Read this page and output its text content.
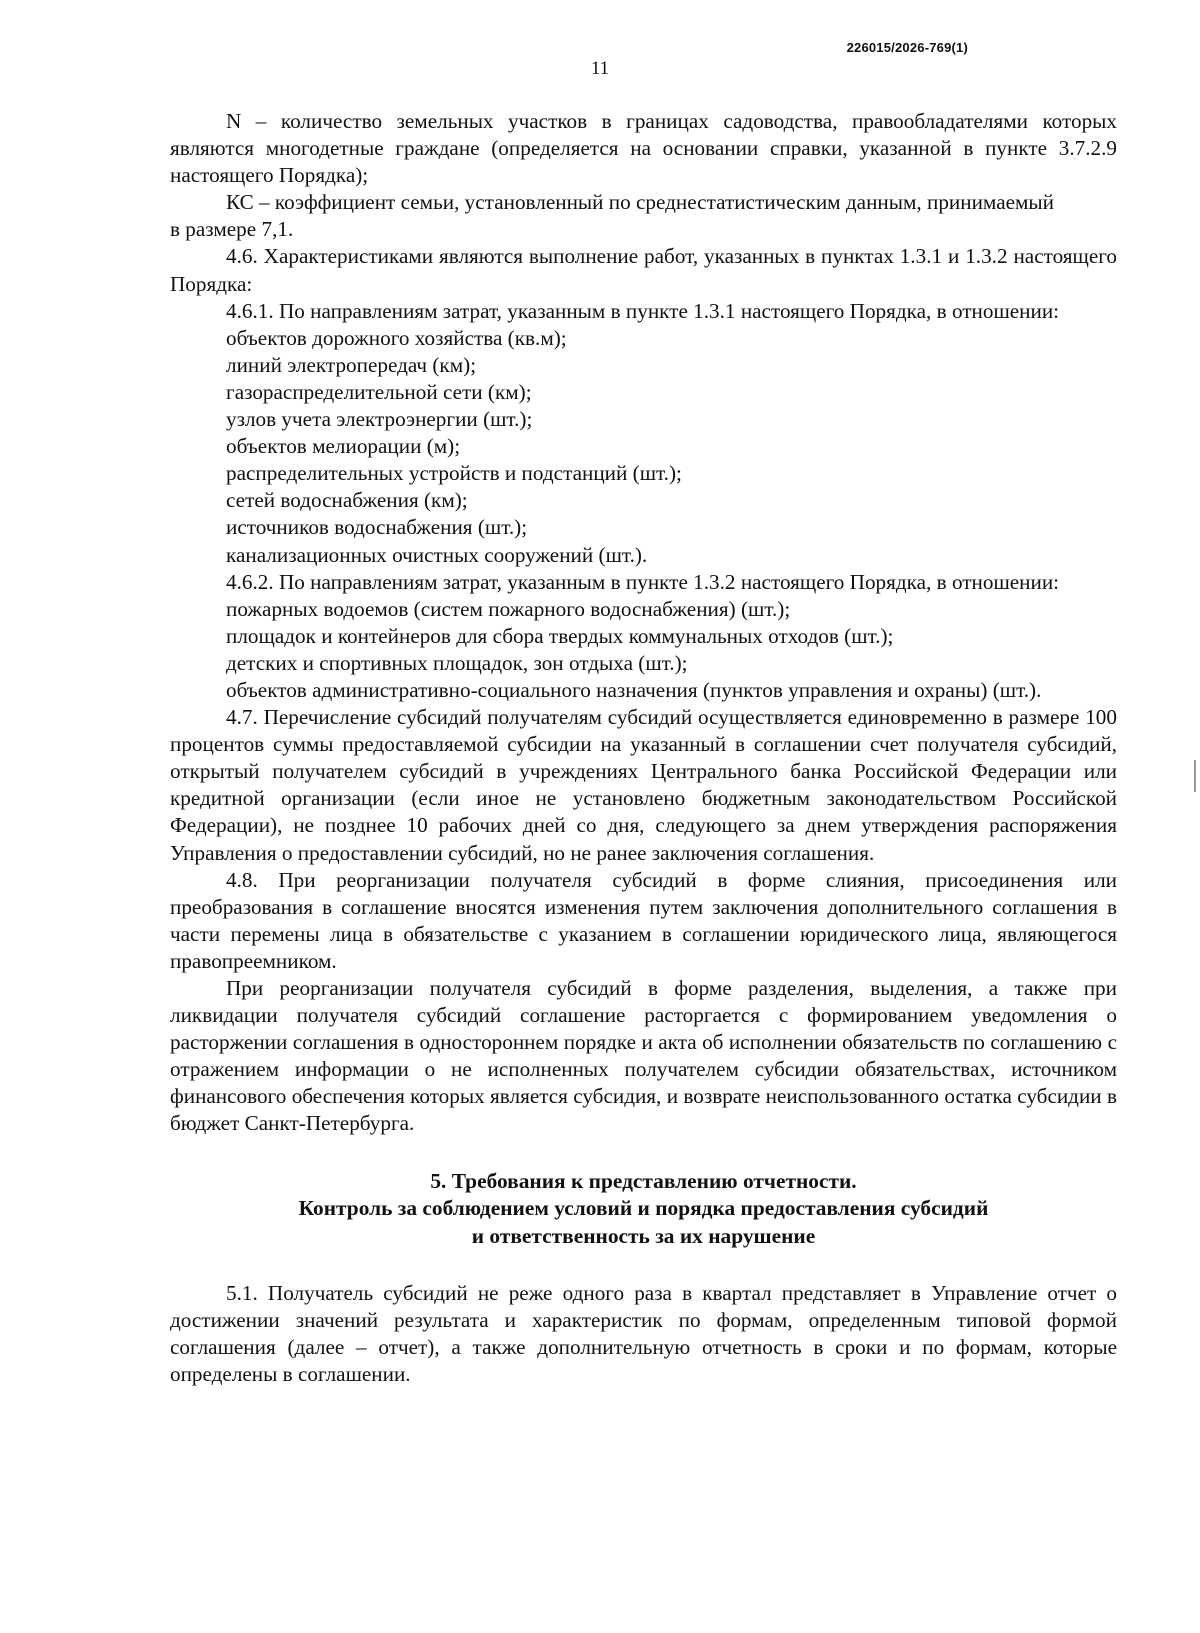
226015/2026-769(1)
11

N – количество земельных участков в границах садоводства, правообладателями которых являются многодетные граждане (определяется на основании справки, указанной в пункте 3.7.2.9 настоящего Порядка);

КС – коэффициент семьи, установленный по среднестатистическим данным, принимаемый

в размере 7,1.

4.6. Характеристиками являются выполнение работ, указанных в пунктах 1.3.1 и 1.3.2 настоящего Порядка:

4.6.1. По направлениям затрат, указанным в пункте 1.3.1 настоящего Порядка, в отношении:

объектов дорожного хозяйства (кв.м);

линий электропередач (км);

газораспределительной сети (км);

узлов учета электроэнергии (шт.);

объектов мелиорации (м);

распределительных устройств и подстанций (шт.);

сетей водоснабжения (км);

источников водоснабжения (шт.);

канализационных очистных сооружений (шт.).

4.6.2. По направлениям затрат, указанным в пункте 1.3.2 настоящего Порядка, в отношении:

пожарных водоемов (систем пожарного водоснабжения) (шт.);

площадок и контейнеров для сбора твердых коммунальных отходов (шт.);

детских и спортивных площадок, зон отдыха (шт.);

объектов административно-социального назначения (пунктов управления и охраны) (шт.).

4.7. Перечисление субсидий получателям субсидий осуществляется единовременно в размере 100 процентов суммы предоставляемой субсидии на указанный в соглашении счет получателя субсидий, открытый получателем субсидий в учреждениях Центрального банка Российской Федерации или кредитной организации (если иное не установлено бюджетным законодательством Российской Федерации), не позднее 10 рабочих дней со дня, следующего за днем утверждения распоряжения Управления о предоставлении субсидий, но не ранее заключения соглашения.

4.8. При реорганизации получателя субсидий в форме слияния, присоединения или преобразования в соглашение вносятся изменения путем заключения дополнительного соглашения в части перемены лица в обязательстве с указанием в соглашении юридического лица, являющегося правопреемником.

При реорганизации получателя субсидий в форме разделения, выделения, а также при ликвидации получателя субсидий соглашение расторгается с формированием уведомления о расторжении соглашения в одностороннем порядке и акта об исполнении обязательств по соглашению с отражением информации о не исполненных получателем субсидии обязательствах, источником финансового обеспечения которых является субсидия, и возврате неиспользованного остатка субсидии в бюджет Санкт-Петербурга.

5. Требования к представлению отчетности.

Контроль за соблюдением условий и порядка предоставления субсидий

и ответственность за их нарушение

5.1. Получатель субсидий не реже одного раза в квартал представляет в Управление отчет о достижении значений результата и характеристик по формам, определенным типовой формой соглашения (далее – отчет), а также дополнительную отчетность в сроки и по формам, которые определены в соглашении.
